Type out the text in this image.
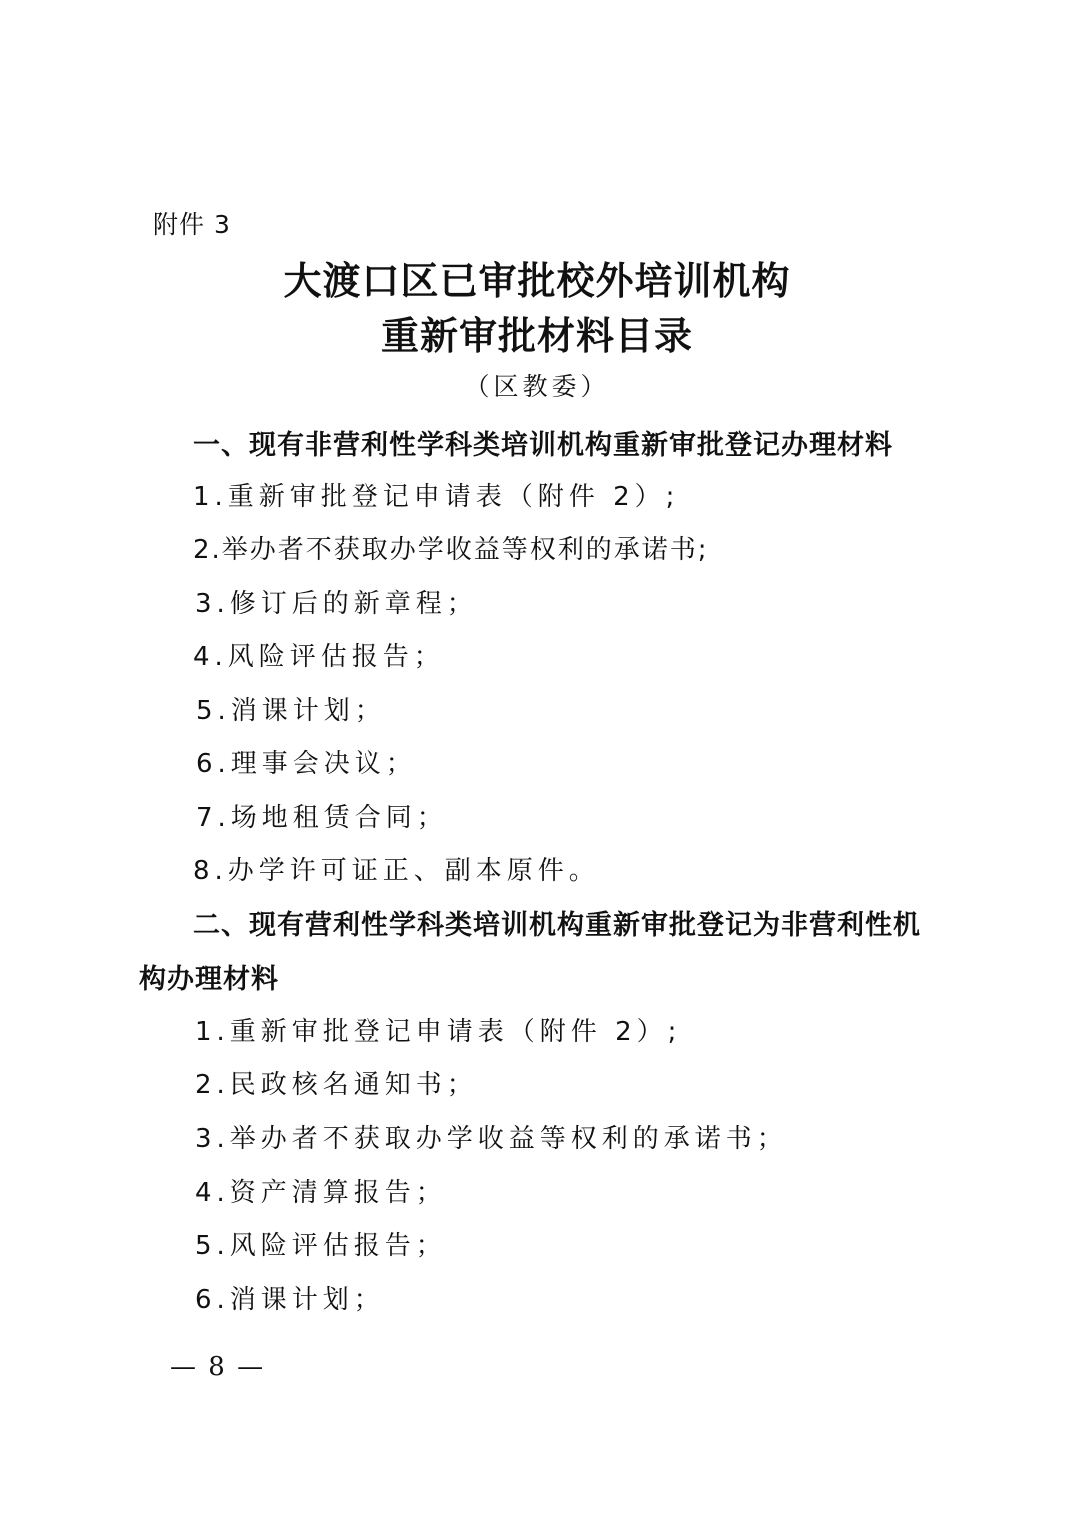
附件 3
大渡口区已审批校外培训机构
重新审批材料目录
（区教委）
一、现有非营利性学科类培训机构重新审批登记办理材料
1.重新审批登记申请表（附件 2）;
2.举办者不获取办学收益等权利的承诺书;
3.修订后的新章程；
4.风险评估报告；
5.消课计划；
6.理事会决议；
7.场地租赁合同；
8.办学许可证正、副本原件。
二、现有营利性学科类培训机构重新审批登记为非营利性机
构办理材料
1.重新审批登记申请表（附件 2）;
2.民政核名通知书；
3.举办者不获取办学收益等权利的承诺书；
4.资产清算报告；
5.风险评估报告；
6.消课计划；
— 8 —
